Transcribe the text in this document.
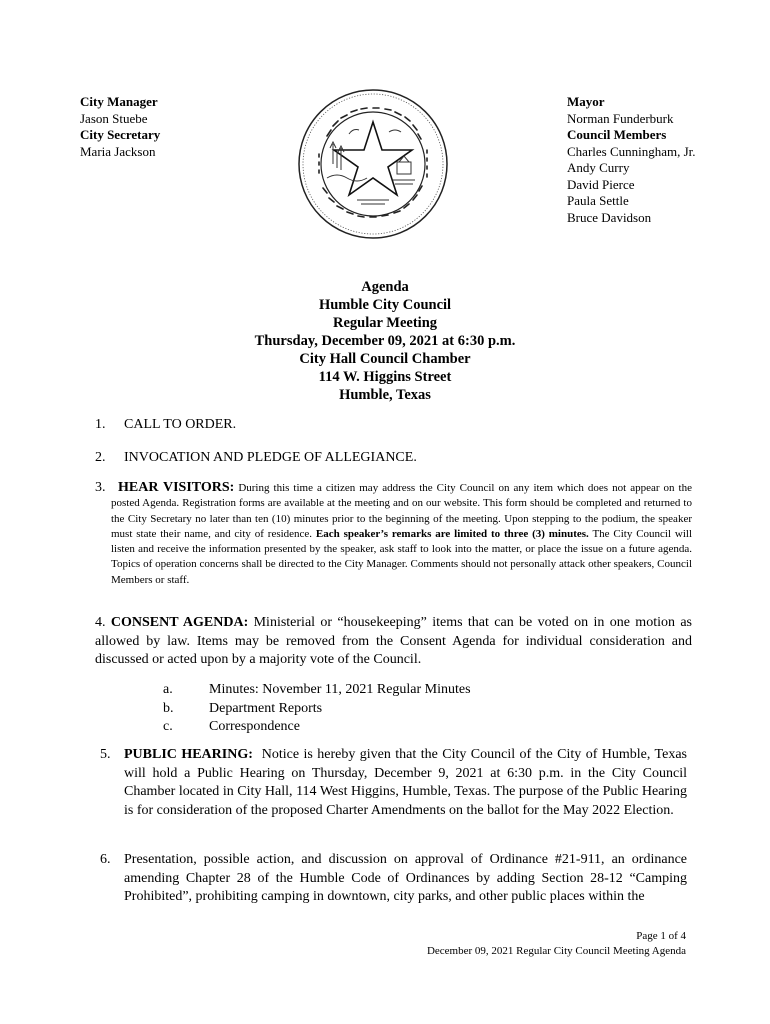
City Manager
Jason Stuebe
City Secretary
Maria Jackson
Mayor
Norman Funderburk
Council Members
Charles Cunningham, Jr.
Andy Curry
David Pierce
Paula Settle
Bruce Davidson
Agenda
Humble City Council
Regular Meeting
Thursday, December 09, 2021 at 6:30 p.m.
City Hall Council Chamber
114 W. Higgins Street
Humble, Texas
1. CALL TO ORDER.
2. INVOCATION AND PLEDGE OF ALLEGIANCE.
3. HEAR VISITORS: During this time a citizen may address the City Council on any item which does not appear on the posted Agenda. Registration forms are available at the meeting and on our website. This form should be completed and returned to the City Secretary no later than ten (10) minutes prior to the beginning of the meeting. Upon stepping to the podium, the speaker must state their name, and city of residence. Each speaker’s remarks are limited to three (3) minutes. The City Council will listen and receive the information presented by the speaker, ask staff to look into the matter, or place the issue on a future agenda. Topics of operation concerns shall be directed to the City Manager. Comments should not personally attack other speakers, Council Members or staff.
4. CONSENT AGENDA: Ministerial or “housekeeping” items that can be voted on in one motion as allowed by law. Items may be removed from the Consent Agenda for individual consideration and discussed or acted upon by a majority vote of the Council.
a.	Minutes: November 11, 2021 Regular Minutes
b.	Department Reports
c.	Correspondence
5. PUBLIC HEARING: Notice is hereby given that the City Council of the City of Humble, Texas will hold a Public Hearing on Thursday, December 9, 2021 at 6:30 p.m. in the City Council Chamber located in City Hall, 114 West Higgins, Humble, Texas. The purpose of the Public Hearing is for consideration of the proposed Charter Amendments on the ballot for the May 2022 Election.
6. Presentation, possible action, and discussion on approval of Ordinance #21-911, an ordinance amending Chapter 28 of the Humble Code of Ordinances by adding Section 28-12 “Camping Prohibited”, prohibiting camping in downtown, city parks, and other public places within the
Page 1 of 4
December 09, 2021 Regular City Council Meeting Agenda
